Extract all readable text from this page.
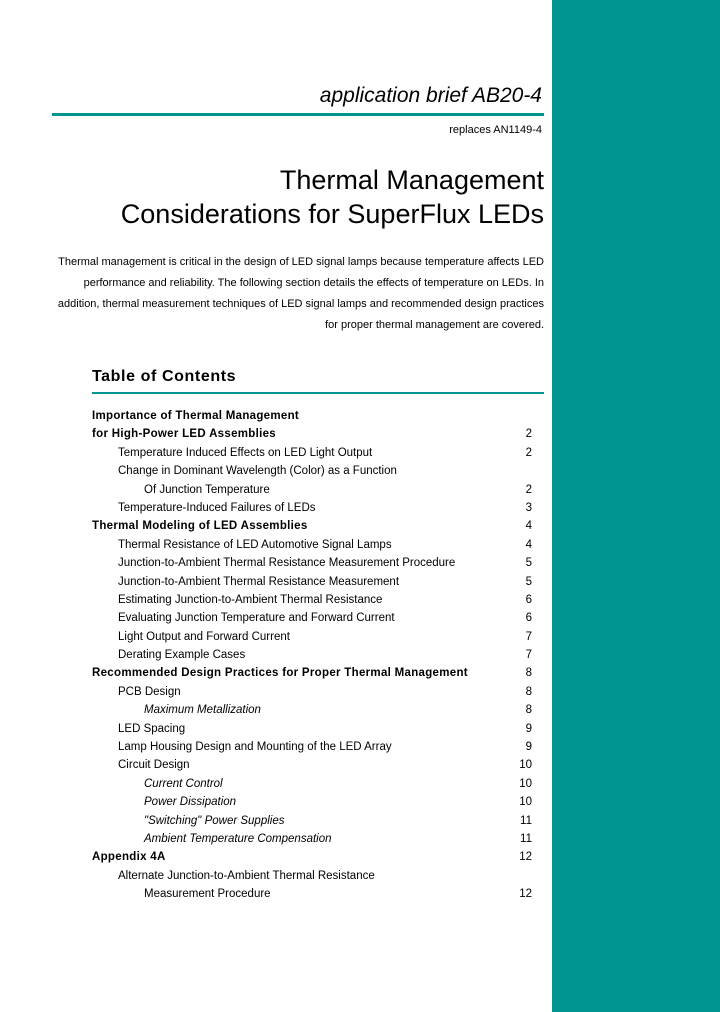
application brief AB20-4
replaces AN1149-4
Thermal Management
Considerations for SuperFlux LEDs
Thermal management is critical in the design of LED signal lamps because temperature affects LED performance and reliability. The following section details the effects of temperature on LEDs. In addition, thermal measurement techniques of LED signal lamps and recommended design practices for proper thermal management are covered.
Table of Contents
Importance of Thermal Management
for High-Power LED Assemblies	2
Temperature Induced Effects on LED Light Output	2
Change in Dominant Wavelength (Color) as a Function
Of Junction Temperature	2
Temperature-Induced Failures of LEDs	3
Thermal Modeling of LED Assemblies	4
Thermal Resistance of LED Automotive Signal Lamps	4
Junction-to-Ambient Thermal Resistance Measurement Procedure	5
Junction-to-Ambient Thermal Resistance Measurement	5
Estimating Junction-to-Ambient Thermal Resistance	6
Evaluating Junction Temperature and Forward Current	6
Light Output and Forward Current	7
Derating Example Cases	7
Recommended Design Practices for Proper Thermal Management	8
PCB Design	8
Maximum Metallization	8
LED Spacing	9
Lamp Housing Design and Mounting of the LED Array	9
Circuit Design	10
Current Control	10
Power Dissipation	10
"Switching" Power Supplies	11
Ambient Temperature Compensation	11
Appendix 4A	12
Alternate Junction-to-Ambient Thermal Resistance
Measurement Procedure	12
